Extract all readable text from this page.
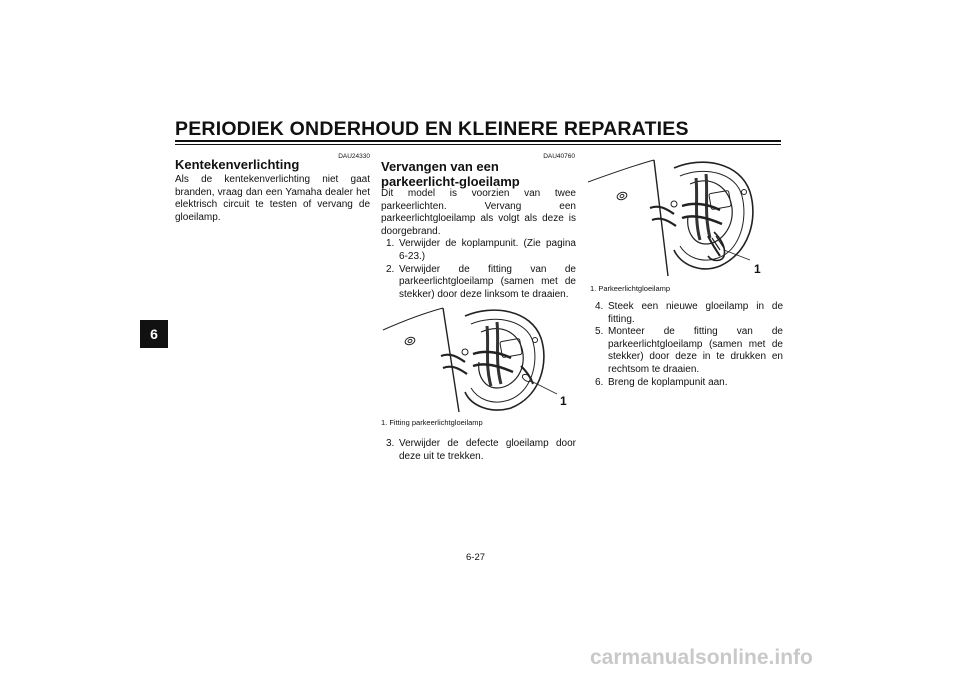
PERIODIEK ONDERHOUD EN KLEINERE REPARATIES
6
DAU24330
Kentekenverlichting

Als de kentekenverlichting niet gaat branden, vraag dan een Yamaha dealer het elektrisch circuit te testen of vervang de gloeilamp.

DAU40760
Vervangen van een parkeerlicht-gloeilamp

Dit model is voorzien van twee parkeerlichten. Vervang een parkeerlichtgloeilamp als volgt als deze is doorgebrand.

1. Verwijder de koplampunit. (Zie pagina 6-23.)
2. Verwijder de fitting van de parkeerlichtgloeilamp (samen met de stekker) door deze linksom te draaien.
1
1. Fitting parkeerlichtgloeilamp
3. Verwijder de defecte gloeilamp door deze uit te trekken.
1
1. Parkeerlichtgloeilamp
4. Steek een nieuwe gloeilamp in de fitting.
5. Monteer de fitting van de parkeerlichtgloeilamp (samen met de stekker) door deze in te drukken en rechtsom te draaien.
6. Breng de koplampunit aan.
6-27
carmanualsonline.info
